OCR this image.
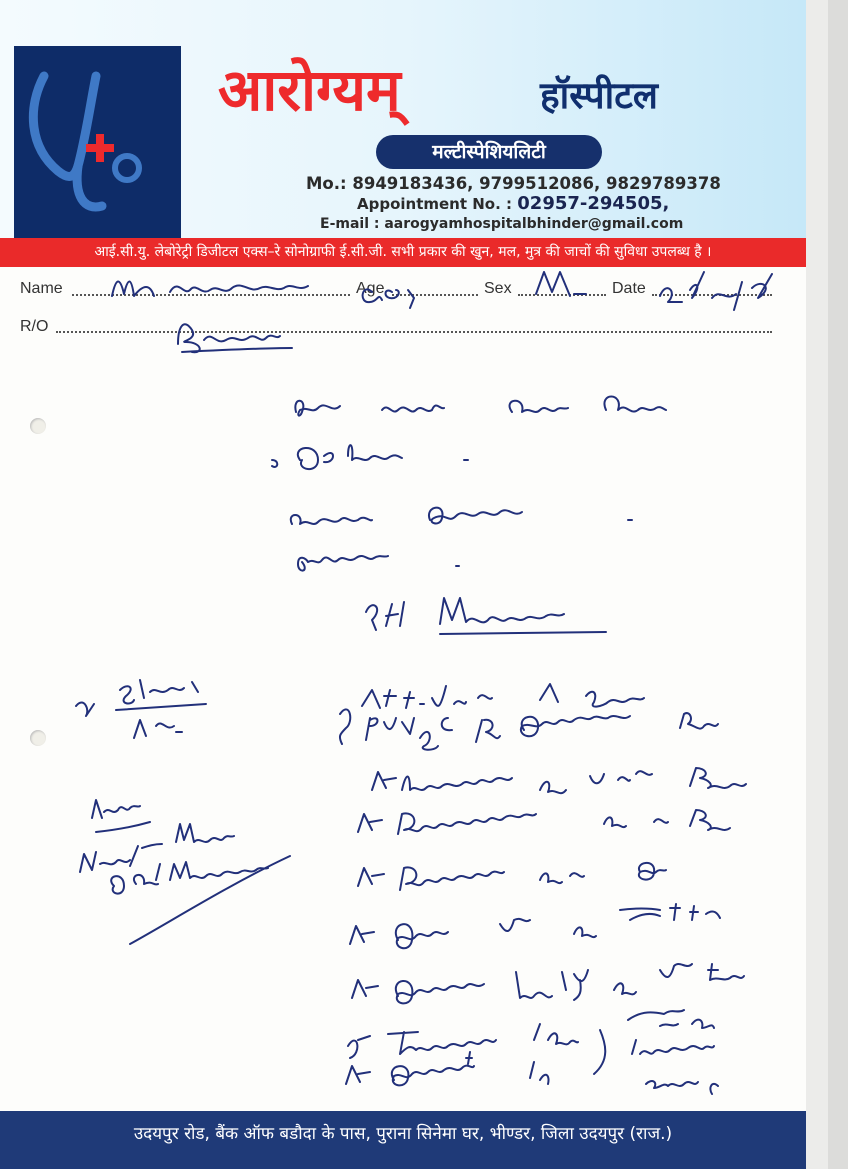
आरोग्यम्	हॉस्पीटल
मल्टीस्पेशियलिटी
Mo.: 8949183436, 9799512086, 9829789378
Appointment No. : 02957-294505,
E-mail : aarogyamhospitalbhinder@gmail.com
आई.सी.यु. लेबोरेट्री डिजीटल एक्स–रे सोनोग्राफी ई.सी.जी. सभी प्रकार की खुन, मल, मुत्र की जाचों की सुविधा उपलब्ध है ।
Name	Age	Sex	Date
R/O
उदयपुर रोड, बैंक ऑफ बडौदा के पास, पुराना सिनेमा घर, भीण्डर, जिला उदयपुर (राज.)
